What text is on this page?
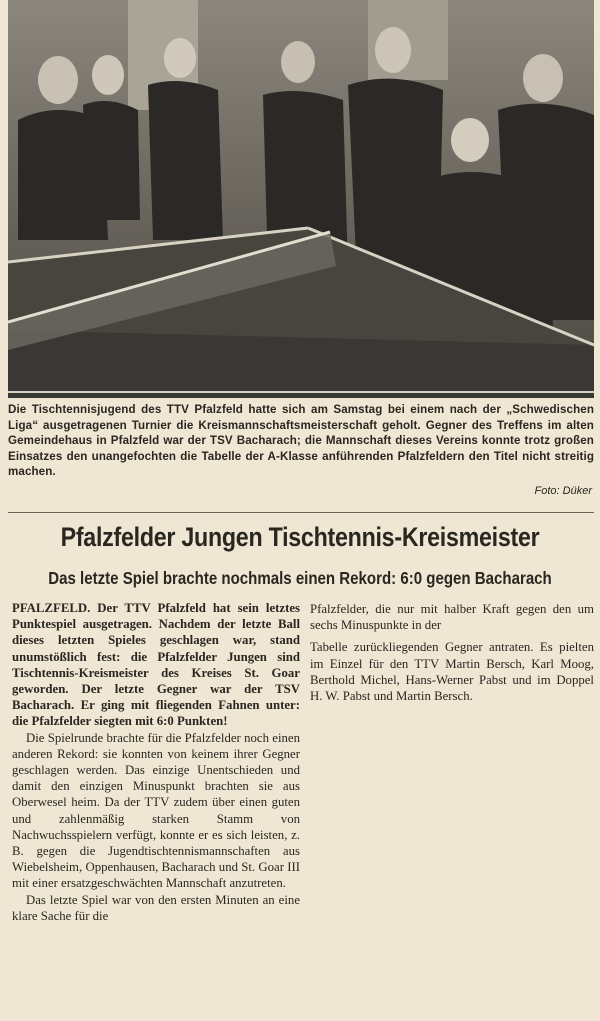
Die Tischtennisjugend des TTV Pfalzfeld hatte sich am Samstag bei einem nach der „Schwedischen Liga“ ausgetragenen Turnier die Kreismannschaftsmeisterschaft geholt. Gegner des Treffens im alten Gemeindehaus in Pfalzfeld war der TSV Bacharach; die Mannschaft dieses Vereins konnte trotz großen Einsatzes den unangefochten die Tabelle der A-Klasse anführenden Pfalzfeldern den Titel nicht streitig machen.
Foto: Düker
Pfalzfelder Jungen Tischtennis-Kreismeister
Das letzte Spiel brachte nochmals einen Rekord: 6:0 gegen Bacharach

PFALZFELD. Der TTV Pfalzfeld hat sein letztes Punktespiel ausgetragen. Nachdem der letzte Ball dieses letzten Spieles geschlagen war, stand unumstößlich fest: die Pfalzfelder Jungen sind Tischtennis-Kreismeister des Kreises St. Goar geworden. Der letzte Gegner war der TSV Bacharach. Er ging mit fliegenden Fahnen unter: die Pfalzfelder siegten mit 6:0 Punkten!

Die Spielrunde brachte für die Pfalzfelder noch einen anderen Rekord: sie konnten von keinem ihrer Gegner geschlagen werden. Das einzige Unentschieden und damit den einzigen Minuspunkt brachten sie aus Oberwesel heim. Da der TTV zudem über einen guten und zahlenmäßig starken Stamm von Nachwuchsspielern verfügt, konnte er es sich leisten, z. B. gegen die Jugendtischtennismannschaften aus Wiebelsheim, Oppenhausen, Bacharach und St. Goar III mit einer ersatzgeschwächten Mannschaft anzutreten.

Das letzte Spiel war von den ersten Minuten an eine klare Sache für die

Pfalzfelder, die nur mit halber Kraft gegen den um sechs Minuspunkte in der

Tabelle zurückliegenden Gegner antraten. Es pielten im Einzel für den TTV Martin Bersch, Karl Moog, Berthold Michel, Hans-Werner Pabst und im Doppel H. W. Pabst und Martin Bersch.
